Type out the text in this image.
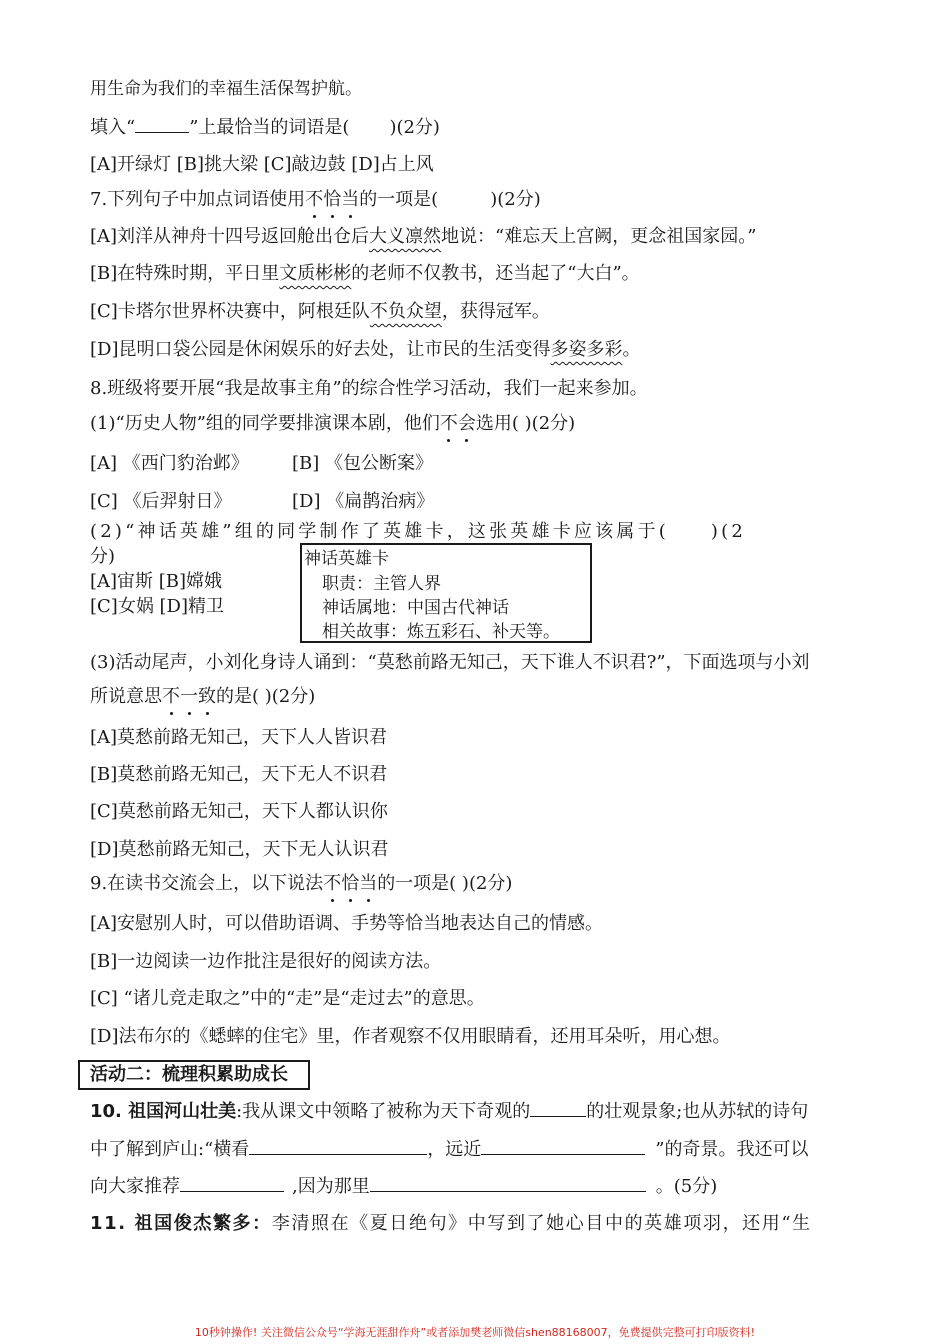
用生命为我们的幸福生活保驾护航。
填入“	”上最恰当的词语是( )(2分)
[A]开绿灯 [B]挑大梁 [C]敲边鼓 [D]占上风
7.下列句子中加点词语使用不恰当的一项是(	)(2分)
[A]刘洋从神舟十四号返回舱出仓后大义凛然地说：“难忘天上宫阙，更念祖国家园。”
[B]在特殊时期，平日里文质彬彬的老师不仅教书，还当起了“大白”。
[C]卡塔尔世界杯决赛中，阿根廷队不负众望，获得冠军。
[D]昆明口袋公园是休闲娱乐的好去处，让市民的生活变得多姿多彩。
8.班级将要开展“我是故事主角”的综合性学习活动，我们一起来参加。
(1)“历史人物”组的同学要排演课本剧，他们不会选用( )(2分)
[A] 《西门豹治邺》 [B] 《包公断案》
[C] 《后羿射日》	[D] 《扁鹊治病》
(2)“神话英雄”组的同学制作了英雄卡，这张英雄卡应该属于( )(2
分)
[A]宙斯 [B]嫦娥
[C]女娲 [D]精卫
神话英雄卡
职责：主管人界
神话属地：中国古代神话
相关故事：炼五彩石、补天等。
(3)活动尾声，小刘化身诗人诵到：“莫愁前路无知己，天下谁人不识君?”，下面选项与小刘
所说意思不一致的是( )(2分)
[A]莫愁前路无知己，天下人人皆识君
[B]莫愁前路无知己，天下无人不识君
[C]莫愁前路无知己，天下人都认识你
[D]莫愁前路无知己，天下无人认识君
9.在读书交流会上，以下说法不恰当的一项是( )(2分)
[A]安慰别人时，可以借助语调、手势等恰当地表达自己的情感。
[B]一边阅读一边作批注是很好的阅读方法。
[C] “诸儿竞走取之”中的“走”是“走过去”的意思。
[D]法布尔的《蟋蟀的住宅》里，作者观察不仅用眼睛看，还用耳朵听，用心想。
活动二：梳理积累助成长
10. 祖国河山壮美:我从课文中领略了被称为天下奇观的	的壮观景象;也从苏轼的诗句
中了解到庐山:“横看	，远近	”的奇景。我还可以
向大家推荐	,因为那里	。(5分)
11. 祖国俊杰繁多：李清照在《夏日绝句》中写到了她心目中的英雄项羽，还用“生
10秒钟操作! 关注微信公众号“学海无涯甜作舟”或者添加樊老师微信shen88168007，免费提供完整可打印版资料!
